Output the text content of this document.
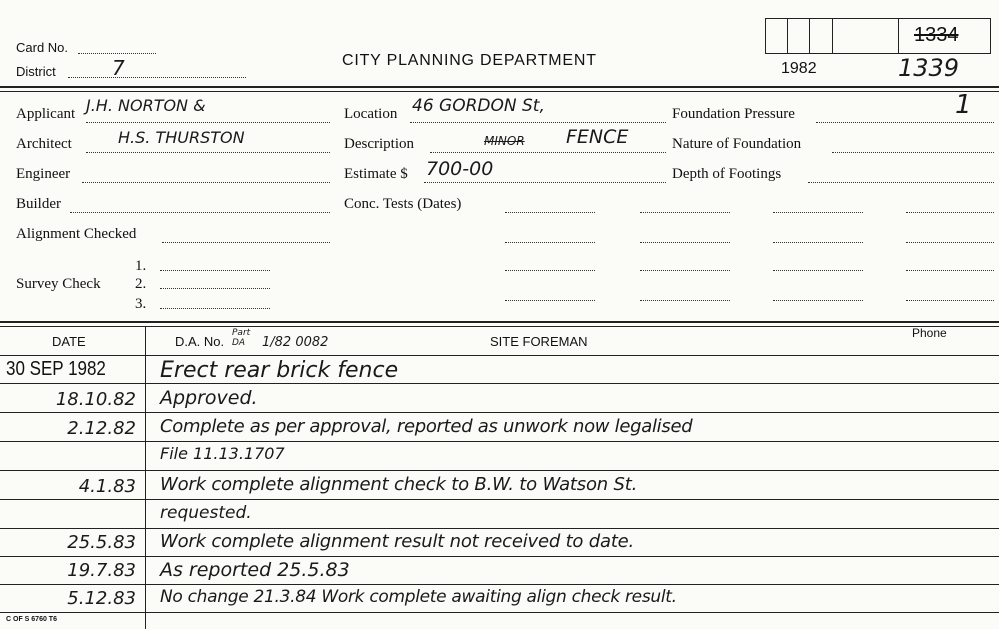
Card No.
District	7	CITY PLANNING DEPARTMENT
1334
1982	1339
Applicant J.H. NORTON &
Architect	H.S. THURSTON
Engineer
Builder
Alignment Checked
Survey Check
1.
2.
3.
Location 46 GORDON St,
Description	MINOR FENCE
Estimate $ 700-00
Conc. Tests (Dates)
Foundation Pressure	1
Nature of Foundation
Depth of Footings
DATE	D.A. No.
Part DA	1/82 0082	SITE FOREMAN
Phone
30 SEP 1982 Erect rear brick fence
18.10.82 Approved.
2.12.82 Complete as per approval, reported as unwork now legalised
File 11.13.1707
4.1.83 Work complete alignment check to B.W. to Watson St.
requested.
25.5.83 Work complete alignment result not received to date.
19.7.83 As reported 25.5.83
5.12.83 No change 21.3.84 Work complete awaiting align check result.
C OF S 6760 T6
